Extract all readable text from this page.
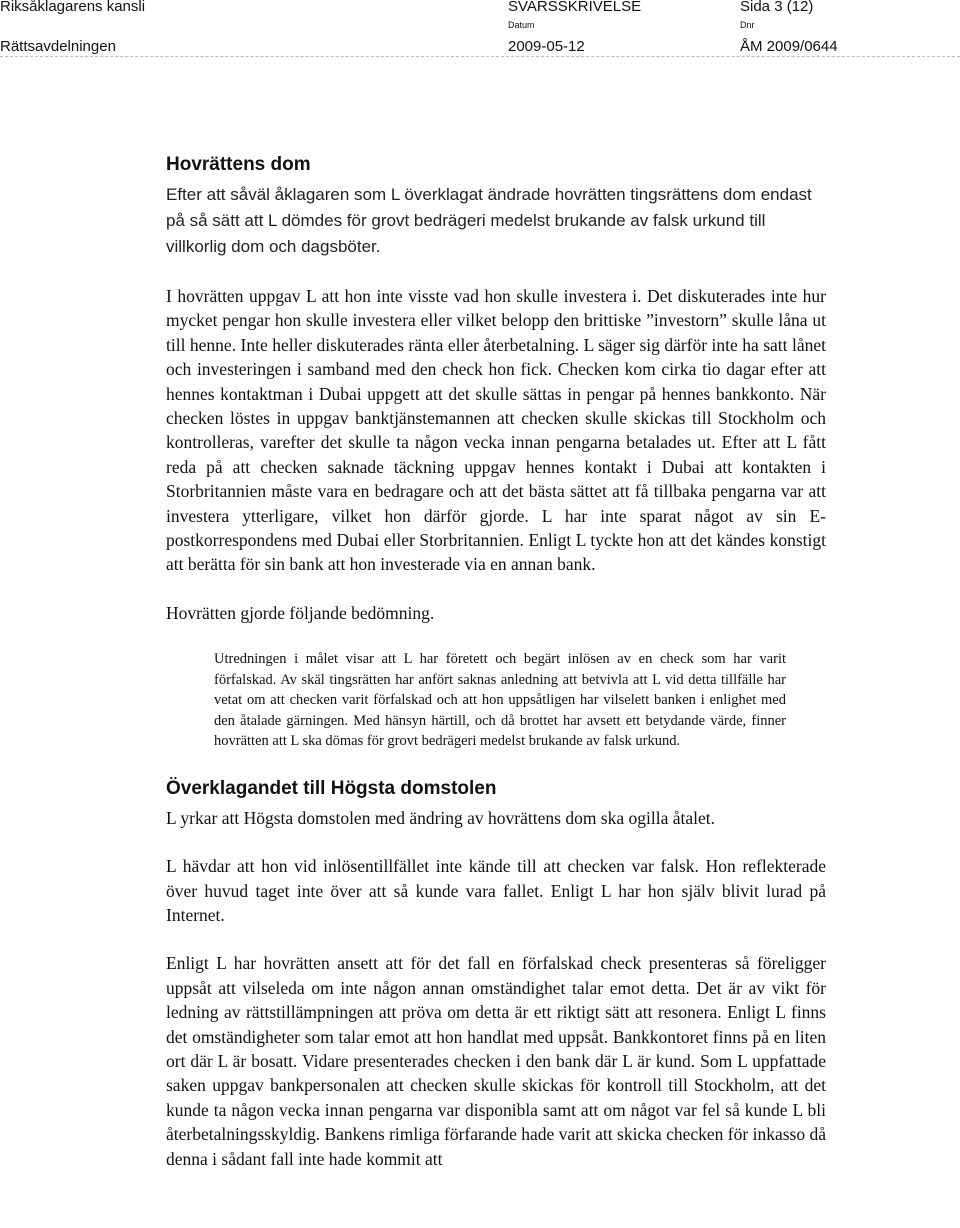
Riksåklagarens kansli
Rättsavdelningen
SVARSSKRIVELSE	Sida 3 (12)
Datum
2009-05-12
Dnr
ÅM 2009/0644
Hovrättens dom

Efter att såväl åklagaren som L överklagat ändrade hovrätten tingsrättens dom endast på så sätt att L dömdes för grovt bedrägeri medelst brukande av falsk urkund till villkorlig dom och dagsböter.

I hovrätten uppgav L att hon inte visste vad hon skulle investera i. Det diskuterades inte hur mycket pengar hon skulle investera eller vilket belopp den brittiske ”investorn” skulle låna ut till henne. Inte heller diskuterades ränta eller återbetalning. L säger sig därför inte ha satt lånet och investeringen i samband med den check hon fick. Checken kom cirka tio dagar efter att hennes kontaktman i Dubai uppgett att det skulle sättas in pengar på hennes bankkonto. När checken löstes in uppgav banktjänstemannen att checken skulle skickas till Stockholm och kontrolleras, varefter det skulle ta någon vecka innan pengarna betalades ut. Efter att L fått reda på att checken saknade täckning uppgav hennes kontakt i Dubai att kontakten i Storbritannien måste vara en bedragare och att det bästa sättet att få tillbaka pengarna var att investera ytterligare, vilket hon därför gjorde. L har inte sparat något av sin E-postkorrespondens med Dubai eller Storbritannien. Enligt L tyckte hon att det kändes konstigt att berätta för sin bank att hon investerade via en annan bank.

Hovrätten gjorde följande bedömning.

Utredningen i målet visar att L har företett och begärt inlösen av en check som har varit förfalskad. Av skäl tingsrätten har anfört saknas anledning att betvivla att L vid detta tillfälle har vetat om att checken varit förfalskad och att hon uppsåtligen har vilselett banken i enlighet med den åtalade gärningen. Med hänsyn härtill, och då brottet har avsett ett betydande värde, finner hovrätten att L ska dömas för grovt bedrägeri medelst brukande av falsk urkund.

Överklagandet till Högsta domstolen

L yrkar att Högsta domstolen med ändring av hovrättens dom ska ogilla åtalet.

L hävdar att hon vid inlösentillfället inte kände till att checken var falsk. Hon reflekterade över huvud taget inte över att så kunde vara fallet. Enligt L har hon själv blivit lurad på Internet.

Enligt L har hovrätten ansett att för det fall en förfalskad check presenteras så föreligger uppsåt att vilseleda om inte någon annan omständighet talar emot detta. Det är av vikt för ledning av rättstillämpningen att pröva om detta är ett riktigt sätt att resonera. Enligt L finns det omständigheter som talar emot att hon handlat med uppsåt. Bankkontoret finns på en liten ort där L är bosatt. Vidare presenterades checken i den bank där L är kund. Som L uppfattade saken uppgav bankpersonalen att checken skulle skickas för kontroll till Stockholm, att det kunde ta någon vecka innan pengarna var disponibla samt att om något var fel så kunde L bli återbetalningsskyldig. Bankens rimliga förfarande hade varit att skicka checken för inkasso då denna i sådant fall inte hade kommit att
